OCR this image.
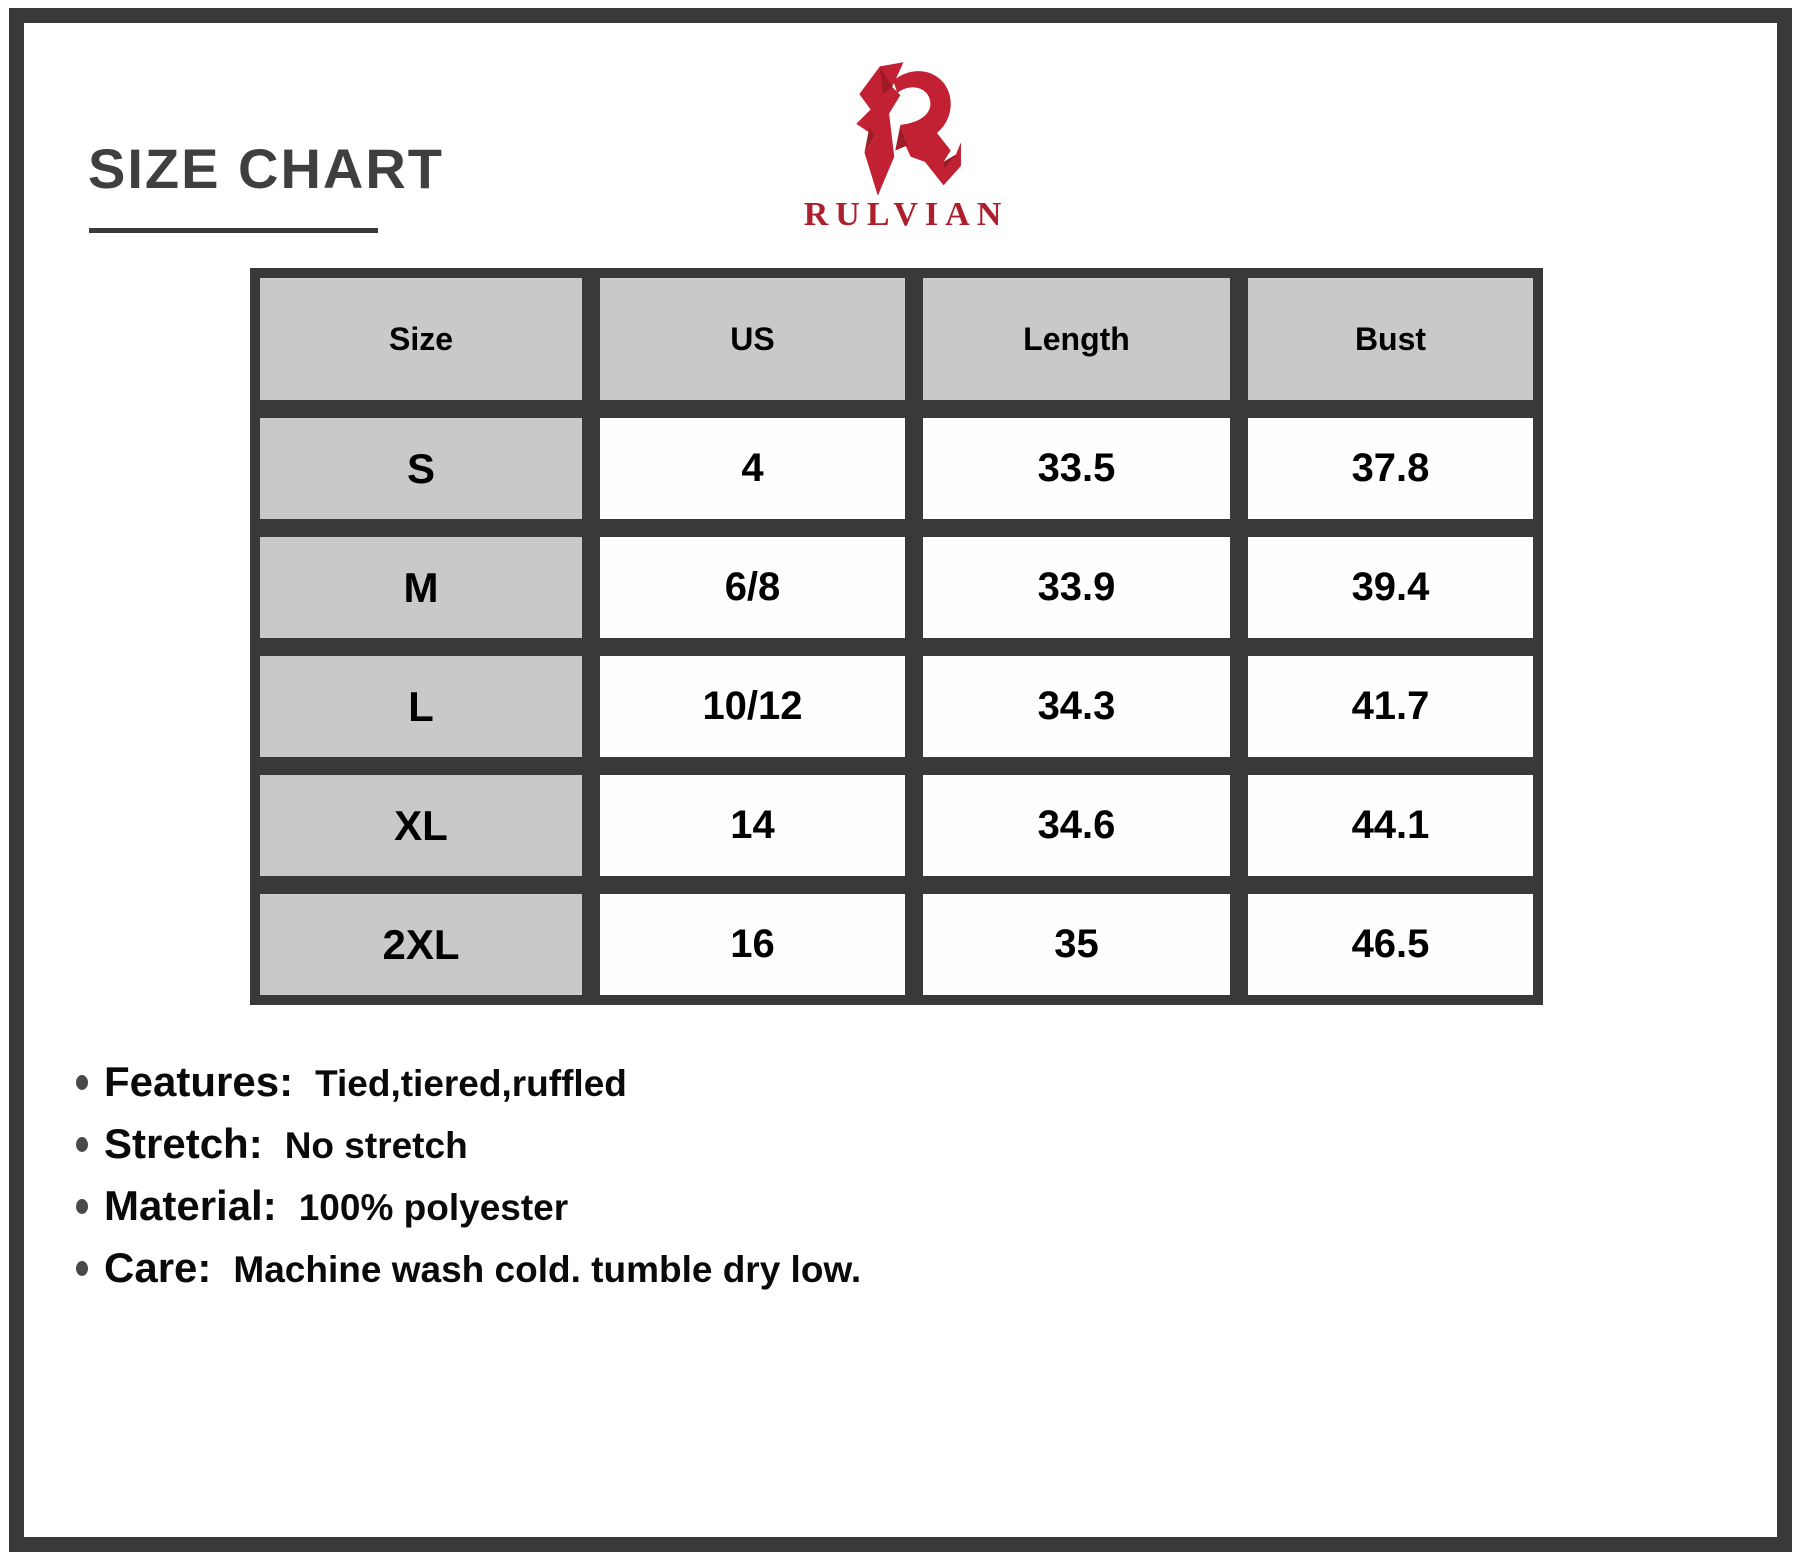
SIZE CHART
RULVIAN
Size	US	Length	Bust
S	4	33.5	37.8
M	6/8	33.9	39.4
L	10/12	34.3	41.7
XL	14	34.6	44.1
2XL	16	35	46.5
Features: Tied,tiered,ruffled
Stretch: No stretch
Material: 100% polyester
Care: Machine wash cold. tumble dry low.
